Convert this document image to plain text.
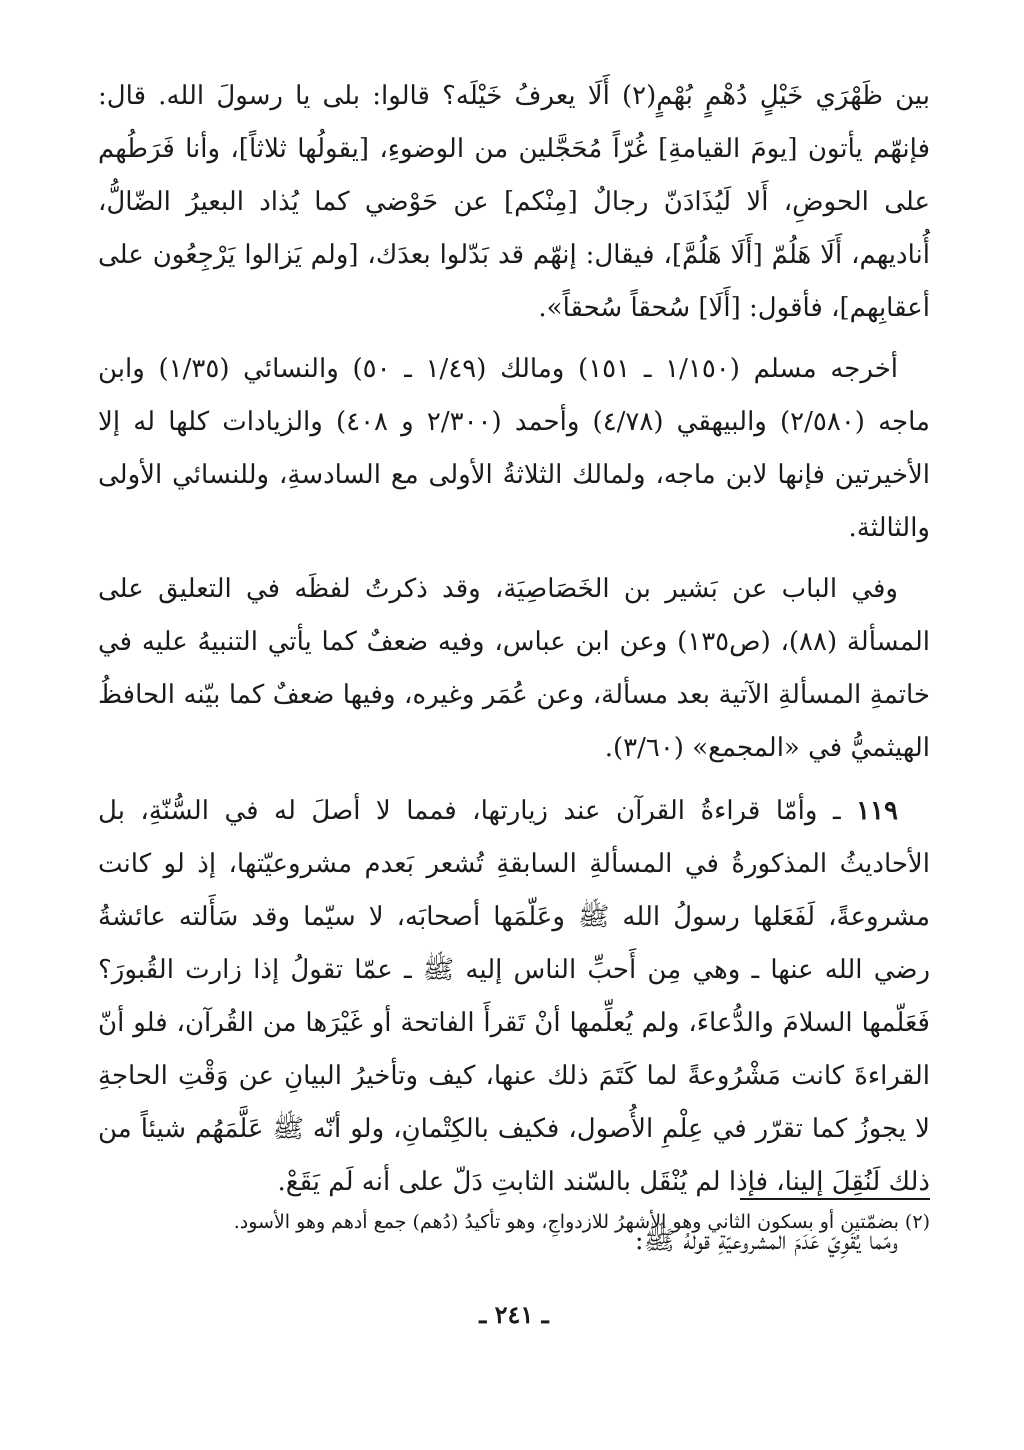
بين ظَهْرَي خَيْلٍ دُهْمٍ بُهْمٍ(٢) أَلَا يعرفُ خَيْلَه؟ قالوا: بلى يا رسولَ الله. قال: فإنهّم يأتون [يومَ القيامةِ] غُرّاً مُحَجَّلين من الوضوءِ، [يقولُها ثلاثاً]، وأنا فَرَطُهم على الحوضِ، أَلا لَيُذَادَنّ رجالٌ [مِنْكم] عن حَوْضي كما يُذاد البعيرُ الضّالُّ، أُناديهم، أَلَا هَلُمّ [أَلَا هَلُمَّ]، فيقال: إنهّم قد بَدّلوا بعدَك، [ولم يَزالوا يَرْجِعُون على أعقابِهم]، فأقول: [أَلَا] سُحقاً سُحقاً».

أخرجه مسلم (١/١٥٠ ـ ١٥١) ومالك (١/٤٩ ـ ٥٠) والنسائي (١/٣٥) وابن ماجه (٢/٥٨٠) والبيهقي (٤/٧٨) وأحمد (٢/٣٠٠ و ٤٠٨) والزيادات كلها له إلا الأخيرتين فإنها لابن ماجه، ولمالك الثلاثةُ الأولى مع السادسةِ، وللنسائي الأولى والثالثة.

وفي الباب عن بَشير بن الخَصَاصِيَة، وقد ذكرتُ لفظَه في التعليق على المسألة (٨٨)، (ص١٣٥) وعن ابن عباس، وفيه ضعفٌ كما يأتي التنبيهُ عليه في خاتمةِ المسألةِ الآتية بعد مسألة، وعن عُمَر وغيره، وفيها ضعفٌ كما بيّنه الحافظُ الهيثميُّ في «المجمع» (٣/٦٠).

١١٩ ـ وأمّا قراءةُ القرآن عند زيارتها، فمما لا أصلَ له في السُّنّةِ، بل الأحاديثُ المذكورةُ في المسألةِ السابقةِ تُشعر بَعدم مشروعيّتها، إذ لو كانت مشروعةً، لَفَعَلها رسولُ الله ﷺ وعَلّمَها أصحابَه، لا سيّما وقد سَأَلته عائشةُ رضي الله عنها ـ وهي مِن أَحبِّ الناس إليه ﷺ ـ عمّا تقولُ إذا زارت القُبورَ؟ فَعَلّمها السلامَ والدُّعاءَ، ولم يُعلِّمها أنْ تَقرأَ الفاتحة أو غَيْرَها من القُرآن، فلو أنّ القراءةَ كانت مَشْرُوعةً لما كَتَمَ ذلك عنها، كيف وتأخيرُ البيانِ عن وَقْتِ الحاجةِ لا يجوزُ كما تقرّر في عِلْمِ الأُصول، فكيف بالكِتْمانِ، ولو أنّه ﷺ عَلَّمَهُم شيئاً من ذلك لَنُقِلَ إلينا، فإذا لم يُنْقَل بالسّند الثابتِ دَلّ على أنه لَم يَقَعْ.

ومّما يُقَوِيّ عَدَمَ المشروعيّةِ قولهُ ﷺ:

(٢) بضمّتين أو بسكون الثاني وهو الأشهرُ للازدواجِ، وهو تأكيدُ (دُهم) جمع أدهم وهو الأسود.

ـ ٢٤١ ـ
